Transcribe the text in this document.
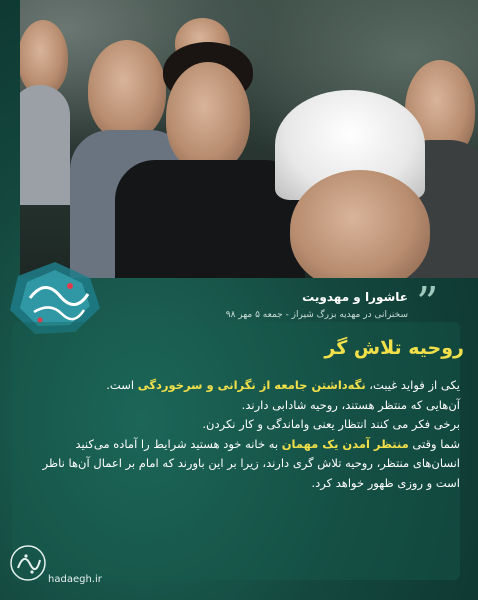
”
عاشورا و مهدویت
سخنرانی در مهدیه بزرگ شیراز - جمعه ۵ مهر ۹۸
روحیه تلاش گر

یکی از فواید غیبت، نگه‌داشتن جامعه از نگرانی و سرخوردگی است.

آن‌هایی که منتظر هستند، روحیه شادابی دارند.

برخی فکر می کنند انتظار یعنی واماندگی و کار نکردن.

شما وقتی منتظر آمدن یک مهمان به خانه خود هستید شرایط را آماده می‌کنید

انسان‌های منتظر، روحیه تلاش گری دارند، زیرا بر این باورند که امام بر اعمال آن‌ها ناظر است و روزی ظهور خواهد کرد.

hadaegh.ir
